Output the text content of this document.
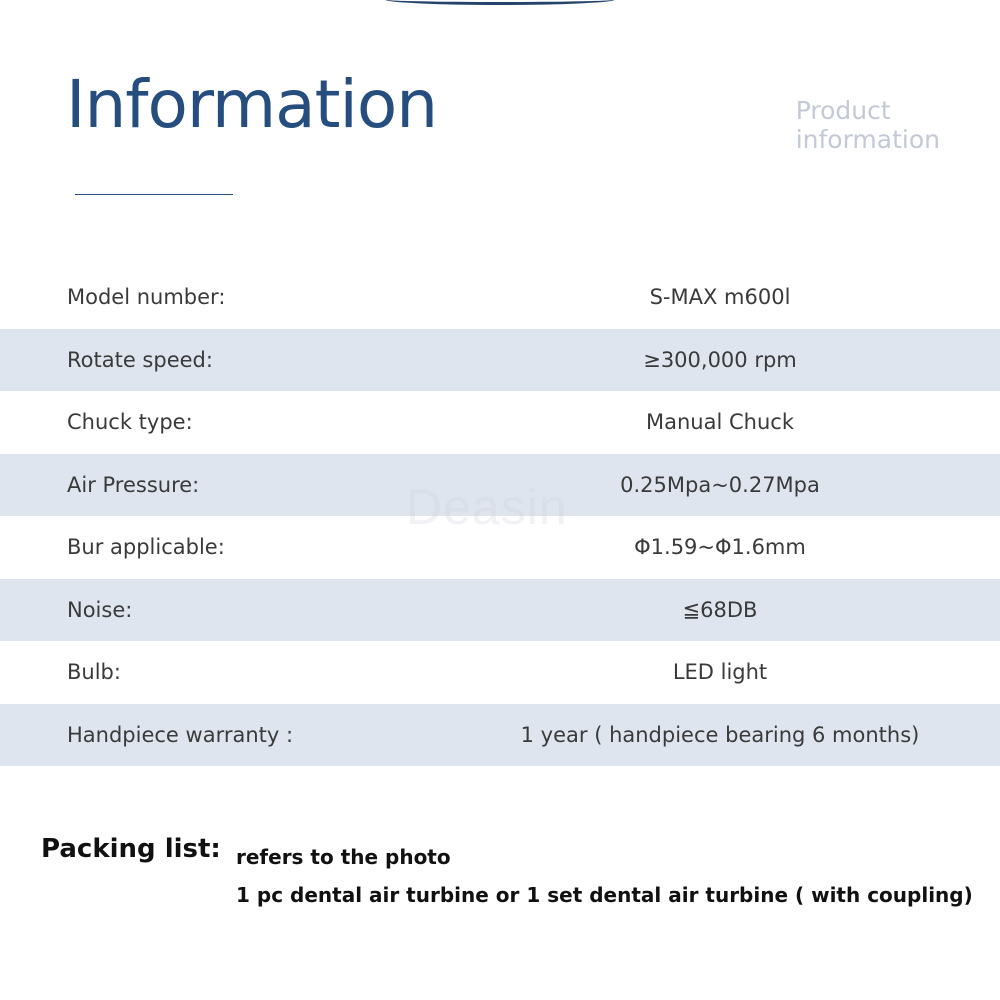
Information	Product
information
Model number:	S-MAX m600l
Rotate speed:	≥300,000 rpm
Chuck type:	Manual Chuck
Air Pressure:	0.25Mpa~0.27Mpa
Bur applicable:	Φ1.59~Φ1.6mm
Noise:	≦68DB
Bulb:	LED light
Handpiece warranty :	1 year ( handpiece bearing 6 months)
Deasin
Packing list: refers to the photo
1 pc dental air turbine or 1 set dental air turbine ( with coupling)
